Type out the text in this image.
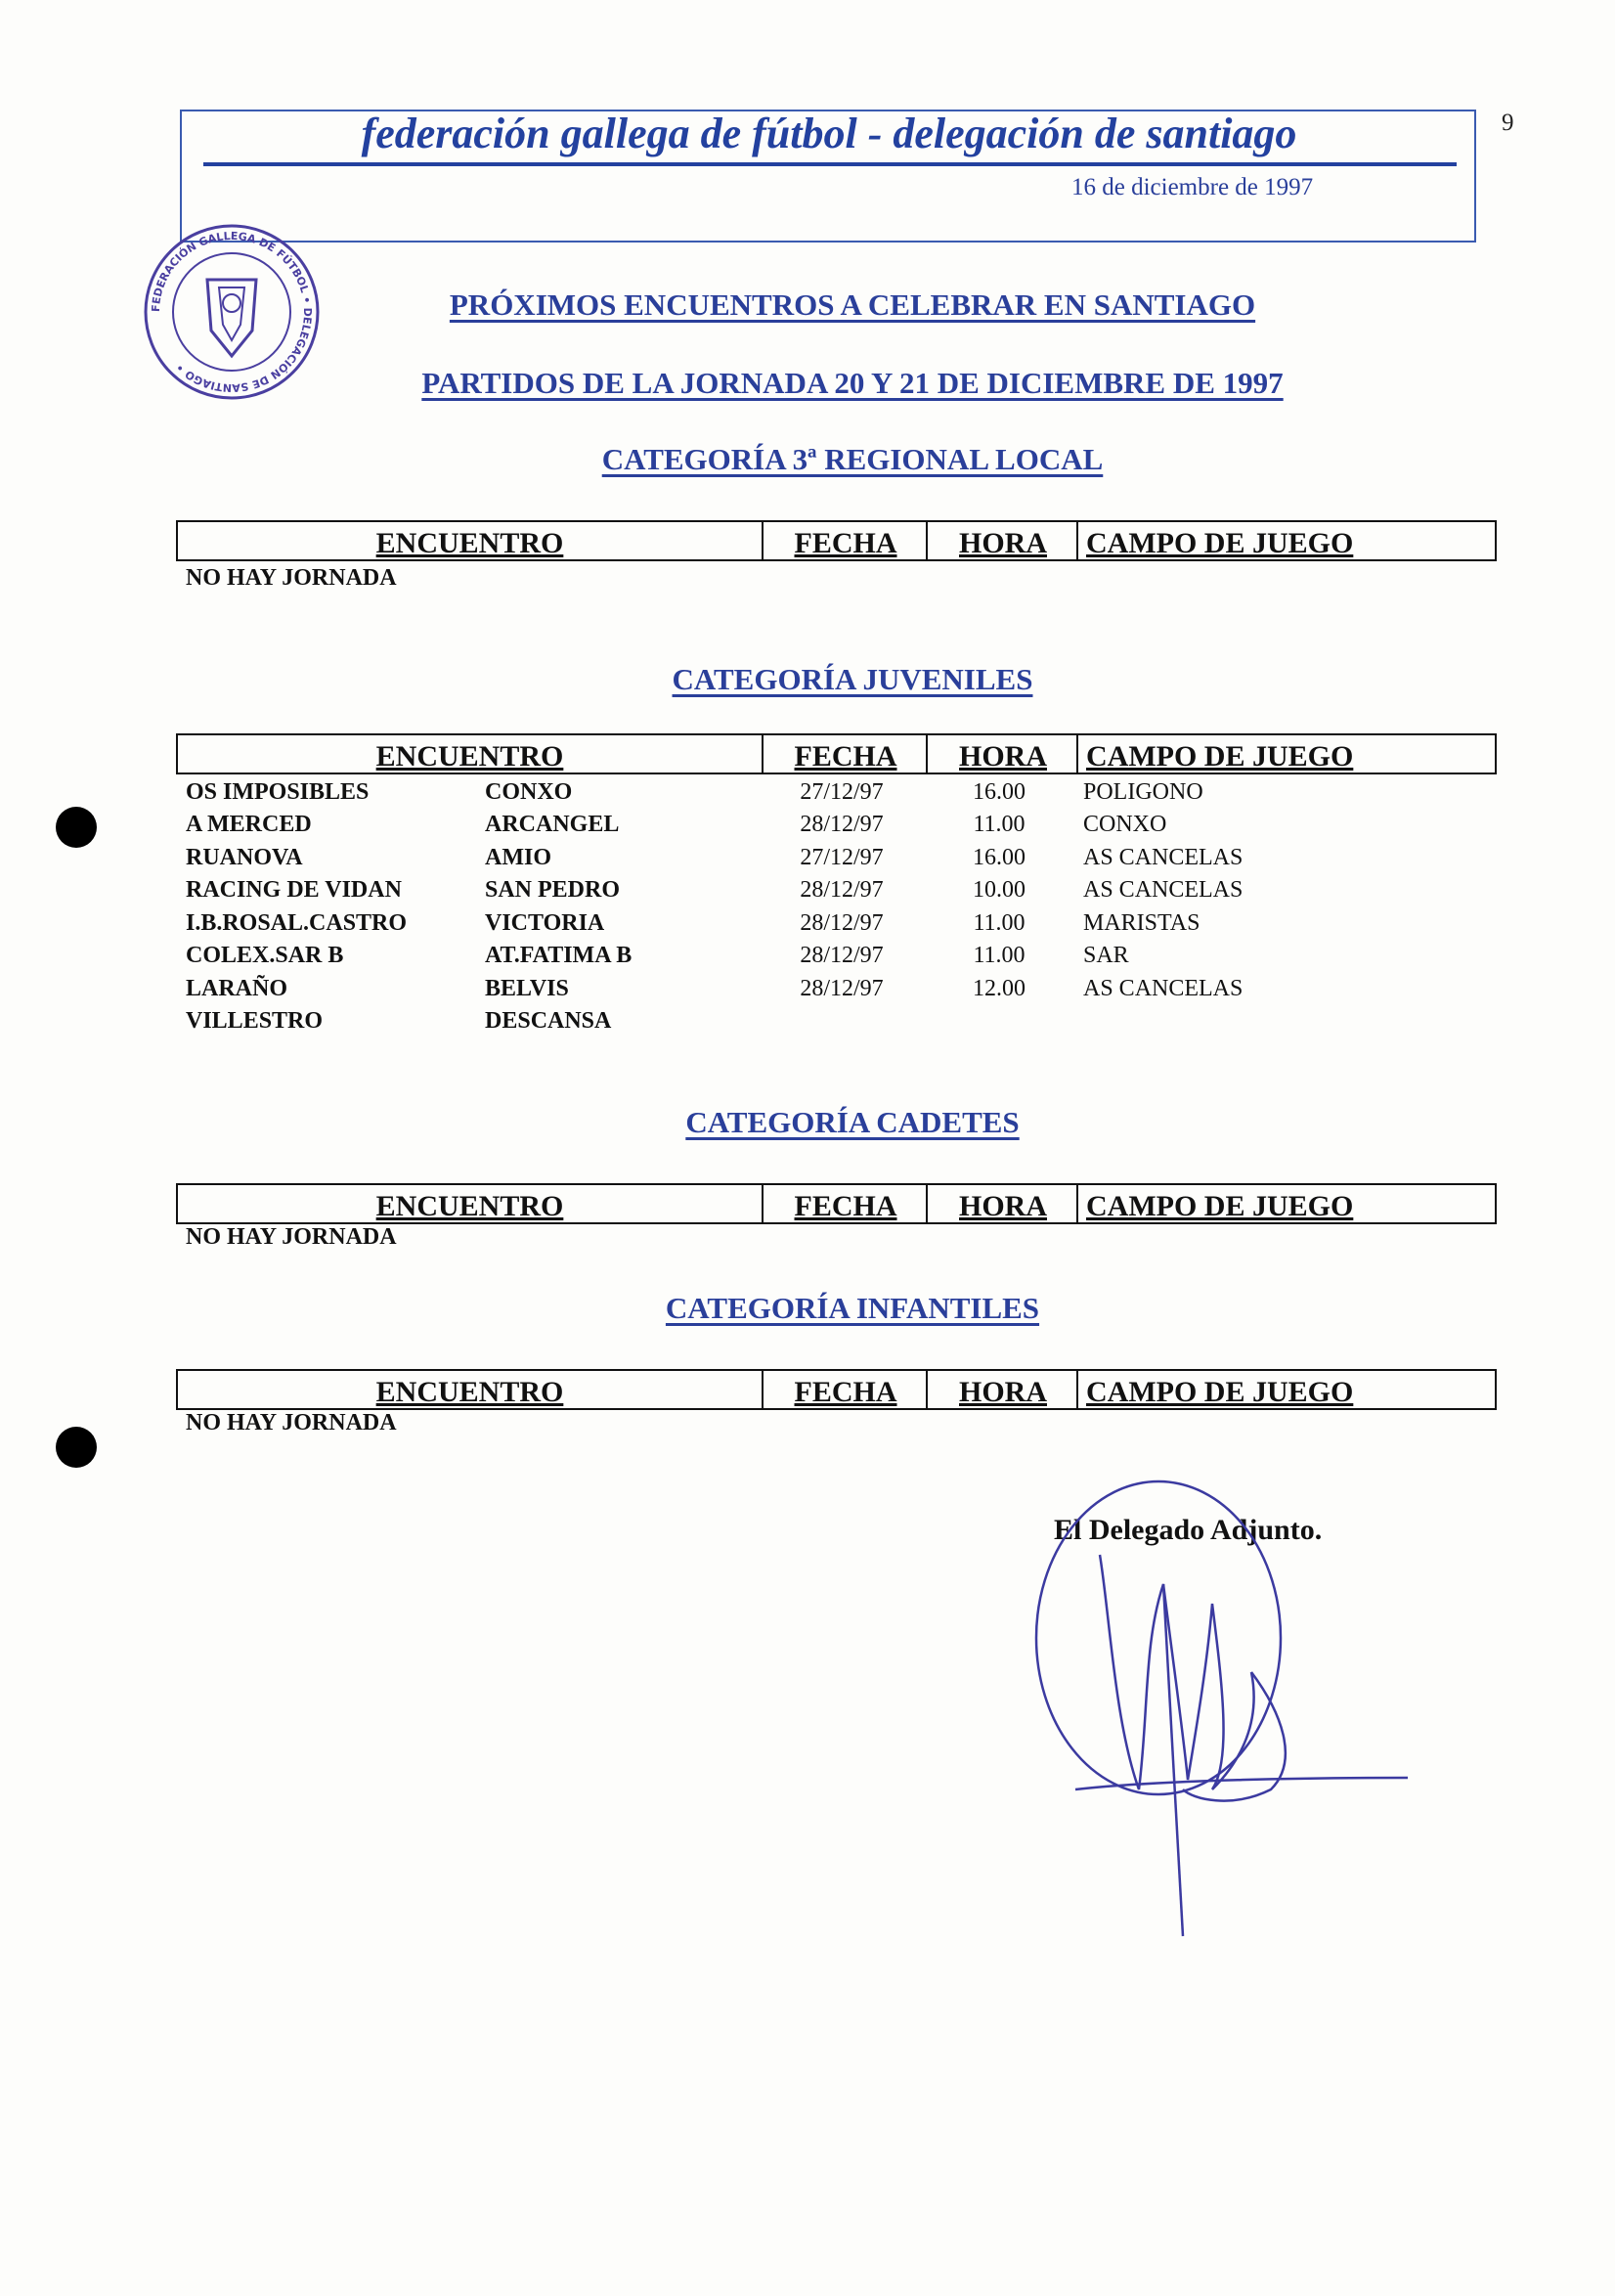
federación gallega de fútbol - delegación de santiago
16 de diciembre de 1997
9
FEDERACIÓN GALLEGA DE FÚTBOL • DELEGACIÓN DE SANTIAGO •
PRÓXIMOS ENCUENTROS A CELEBRAR EN SANTIAGO
PARTIDOS DE LA JORNADA 20 Y 21 DE DICIEMBRE DE 1997
CATEGORÍA 3ª REGIONAL LOCAL
ENCUENTRO	FECHA	HORA	CAMPO DE JUEGO
NO HAY JORNADA
CATEGORÍA JUVENILES
ENCUENTRO	FECHA	HORA	CAMPO DE JUEGO
OS IMPOSIBLES	CONXO	27/12/97	16.00	POLIGONO
A MERCED	ARCANGEL	28/12/97	11.00	CONXO
RUANOVA	AMIO	27/12/97	16.00	AS CANCELAS
RACING DE VIDAN	SAN PEDRO	28/12/97	10.00	AS CANCELAS
I.B.ROSAL.CASTRO	VICTORIA	28/12/97	11.00	MARISTAS
COLEX.SAR B	AT.FATIMA B	28/12/97	11.00	SAR
LARAÑO	BELVIS	28/12/97	12.00	AS CANCELAS
VILLESTRO	DESCANSA
CATEGORÍA CADETES
ENCUENTRO	FECHA	HORA	CAMPO DE JUEGO
NO HAY JORNADA
CATEGORÍA INFANTILES
ENCUENTRO	FECHA	HORA	CAMPO DE JUEGO
NO HAY JORNADA
El Delegado Adjunto.
